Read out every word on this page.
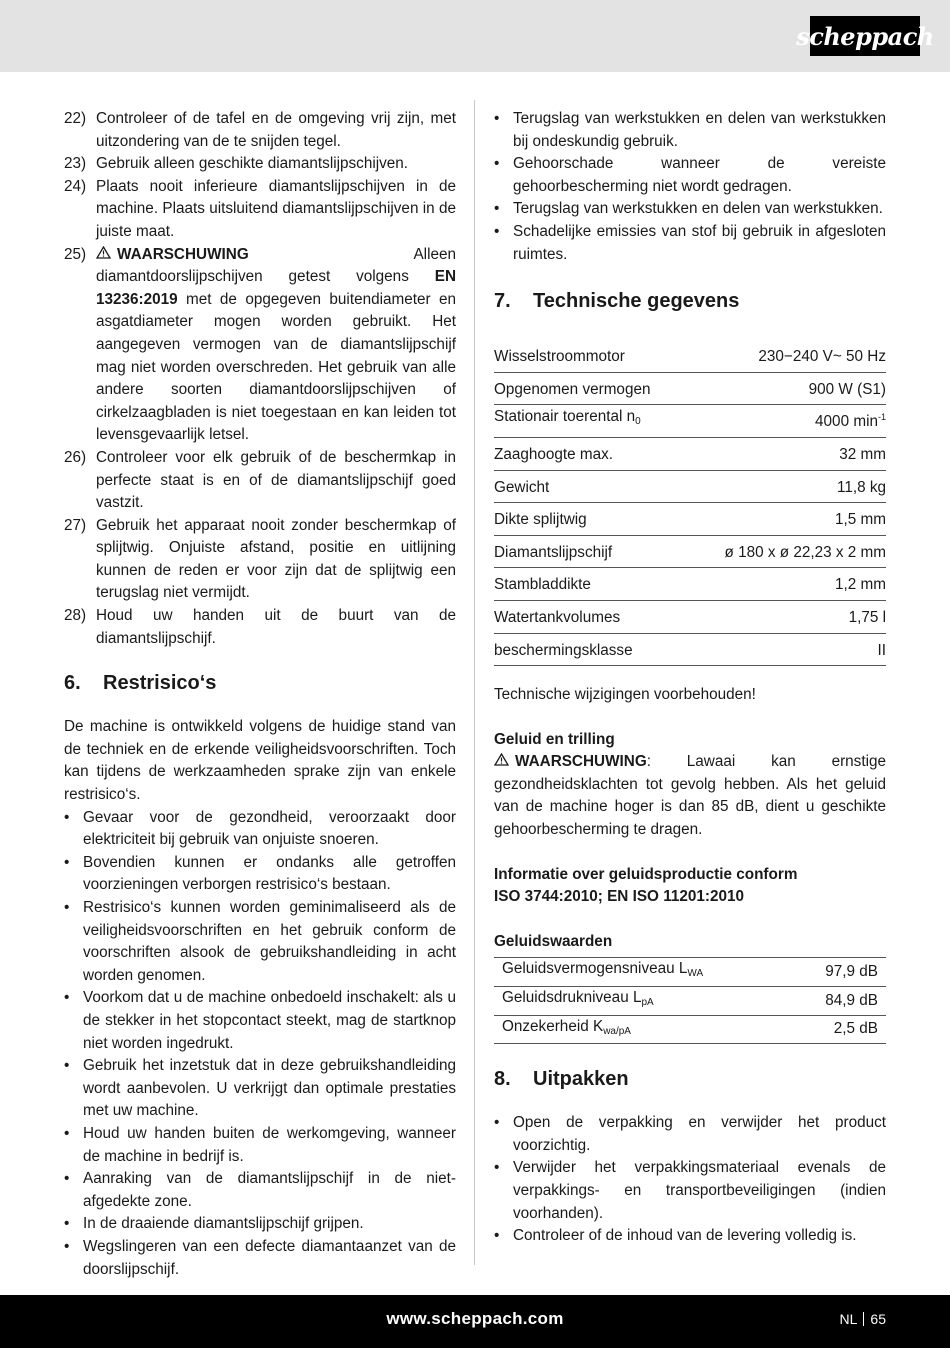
scheppach
22) Controleer of de tafel en de omgeving vrij zijn, met uitzondering van de te snijden tegel.
23) Gebruik alleen geschikte diamantslijpschijven.
24) Plaats nooit inferieure diamantslijpschijven in de machine. Plaats uitsluitend diamantslijpschijven in de juiste maat.
25)	WAARSCHUWING Alleen diamantdoorslijpschijven getest volgens EN 13236:2019 met de opgegeven buitendiameter en asgatdiameter mogen worden gebruikt. Het aangegeven vermogen van de diamantslijpschijf mag niet worden overschreden. Het gebruik van alle andere soorten diamantdoorslijpschijven of cirkelzaagbladen is niet toegestaan en kan leiden tot levensgevaarlijk letsel.
26) Controleer voor elk gebruik of de beschermkap in perfecte staat is en of de diamantslijpschijf goed vastzit.
27) Gebruik het apparaat nooit zonder beschermkap of splijtwig. Onjuiste afstand, positie en uitlijning kunnen de reden er voor zijn dat de splijtwig een terugslag niet vermijdt.
28) Houd uw handen uit de buurt van de diamantslijpschijf.
6.	Restrisico‘s

De machine is ontwikkeld volgens de huidige stand van de techniek en de erkende veiligheidsvoorschriften. Toch kan tijdens de werkzaamheden sprake zijn van enkele restrisico‘s.

• Gevaar voor de gezondheid, veroorzaakt door elektriciteit bij gebruik van onjuiste snoeren.
• Bovendien kunnen er ondanks alle getroffen voorzieningen verborgen restrisico‘s bestaan.
• Restrisico‘s kunnen worden geminimaliseerd als de veiligheidsvoorschriften en het gebruik conform de voorschriften alsook de gebruikshandleiding in acht worden genomen.
• Voorkom dat u de machine onbedoeld inschakelt: als u de stekker in het stopcontact steekt, mag de startknop niet worden ingedrukt.
• Gebruik het inzetstuk dat in deze gebruikshandleiding wordt aanbevolen. U verkrijgt dan optimale prestaties met uw machine.
• Houd uw handen buiten de werkomgeving, wanneer de machine in bedrijf is.
• Aanraking van de diamantslijpschijf in de niet-afgedekte zone.
• In de draaiende diamantslijpschijf grijpen.
• Wegslingeren van een defecte diamantaanzet van de doorslijpschijf.
• Terugslag van werkstukken en delen van werkstukken bij ondeskundig gebruik.
• Gehoorschade wanneer de vereiste gehoorbescherming niet wordt gedragen.
• Terugslag van werkstukken en delen van werkstukken.
• Schadelijke emissies van stof bij gebruik in afgesloten ruimtes.
7.	Technische gegevens
Wisselstroommotor	230−240 V~ 50 Hz
Opgenomen vermogen	900 W (S1)
Stationair toerental $n_0$	4000 $\min^{-1}$
Zaaghoogte max.	32 mm
Gewicht	11,8 kg
Dikte splijtwig	1,5 mm
Diamantslijpschijf	ø 180 x ø 22,23 x 2 mm
Stambladdikte	1,2 mm
Watertankvolumes	1,75 l
beschermingsklasse	II

Technische wijzigingen voorbehouden!

Geluid en trilling

WAARSCHUWING: Lawaai kan ernstige gezondheidsklachten tot gevolg hebben. Als het geluid van de machine hoger is dan 85 dB, dient u geschikte gehoorbescherming te dragen.

Informatie over geluidsproductie conform

ISO 3744:2010; EN ISO 11201:2010

Geluidswaarden

Geluidsvermogensniveau $L_{WA}$	97,9 dB
Geluidsdrukniveau $L_{pA}$	84,9 dB
Onzekerheid $K_{wa/pA}$	2,5 dB
8.	Uitpakken
• Open de verpakking en verwijder het product voorzichtig.
• Verwijder het verpakkingsmateriaal evenals de verpakkings- en transportbeveiligingen (indien voorhanden).
• Controleer of de inhoud van de levering volledig is.
www.scheppach.com	NL 65
